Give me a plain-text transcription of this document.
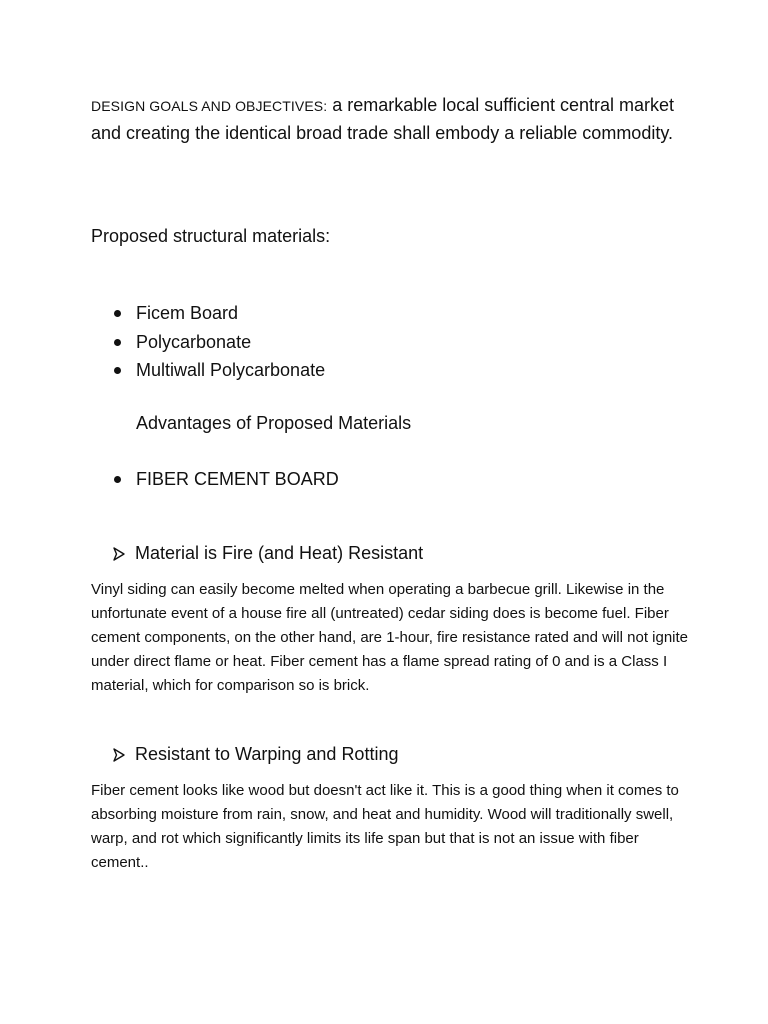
DESIGN GOALS AND OBJECTIVES: a remarkable local sufficient central market and creating the identical broad trade shall embody a reliable commodity.
Proposed structural materials:
Ficem Board
Polycarbonate
Multiwall Polycarbonate
Advantages of Proposed Materials
FIBER CEMENT BOARD
Material is Fire (and Heat) Resistant
Vinyl siding can easily become melted when operating a barbecue grill. Likewise in the unfortunate event of a house fire all (untreated) cedar siding does is become fuel. Fiber cement components, on the other hand, are 1-hour, fire resistance rated and will not ignite under direct flame or heat. Fiber cement has a flame spread rating of 0 and is a Class I material, which for comparison so is brick.
Resistant to Warping and Rotting
Fiber cement looks like wood but doesn't act like it. This is a good thing when it comes to absorbing moisture from rain, snow, and heat and humidity. Wood will traditionally swell, warp, and rot which significantly limits its life span but that is not an issue with fiber cement..
